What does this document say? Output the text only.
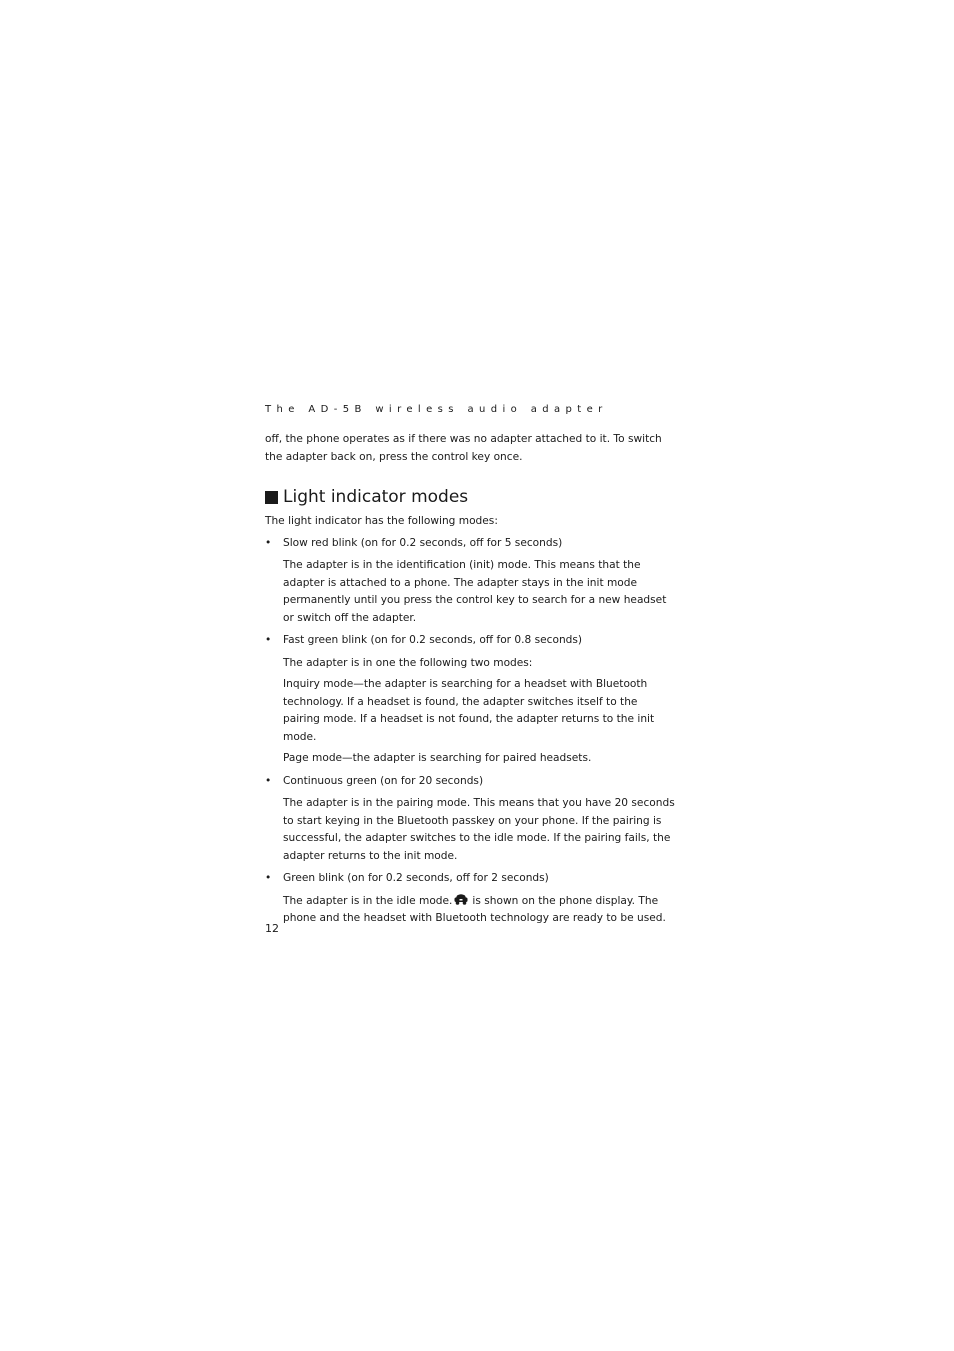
The AD-5B wireless audio adapter

off, the phone operates as if there was no adapter attached to it. To switch the adapter back on, press the control key once.

Light indicator modes

The light indicator has the following modes:

• Slow red blink (on for 0.2 seconds, off for 5 seconds)

The adapter is in the identification (init) mode. This means that the adapter is attached to a phone. The adapter stays in the init mode permanently until you press the control key to search for a new headset or switch off the adapter.

• Fast green blink (on for 0.2 seconds, off for 0.8 seconds)

The adapter is in one the following two modes:

Inquiry mode—the adapter is searching for a headset with Bluetooth technology. If a headset is found, the adapter switches itself to the pairing mode. If a headset is not found, the adapter returns to the init mode.

Page mode—the adapter is searching for paired headsets.

• Continuous green (on for 20 seconds)

The adapter is in the pairing mode. This means that you have 20 seconds to start keying in the Bluetooth passkey on your phone. If the pairing is successful, the adapter switches to the idle mode. If the pairing fails, the adapter returns to the init mode.

• Green blink (on for 0.2 seconds, off for 2 seconds)

The adapter is in the idle mode. is shown on the phone display. The phone and the headset with Bluetooth technology are ready to be used.

12
